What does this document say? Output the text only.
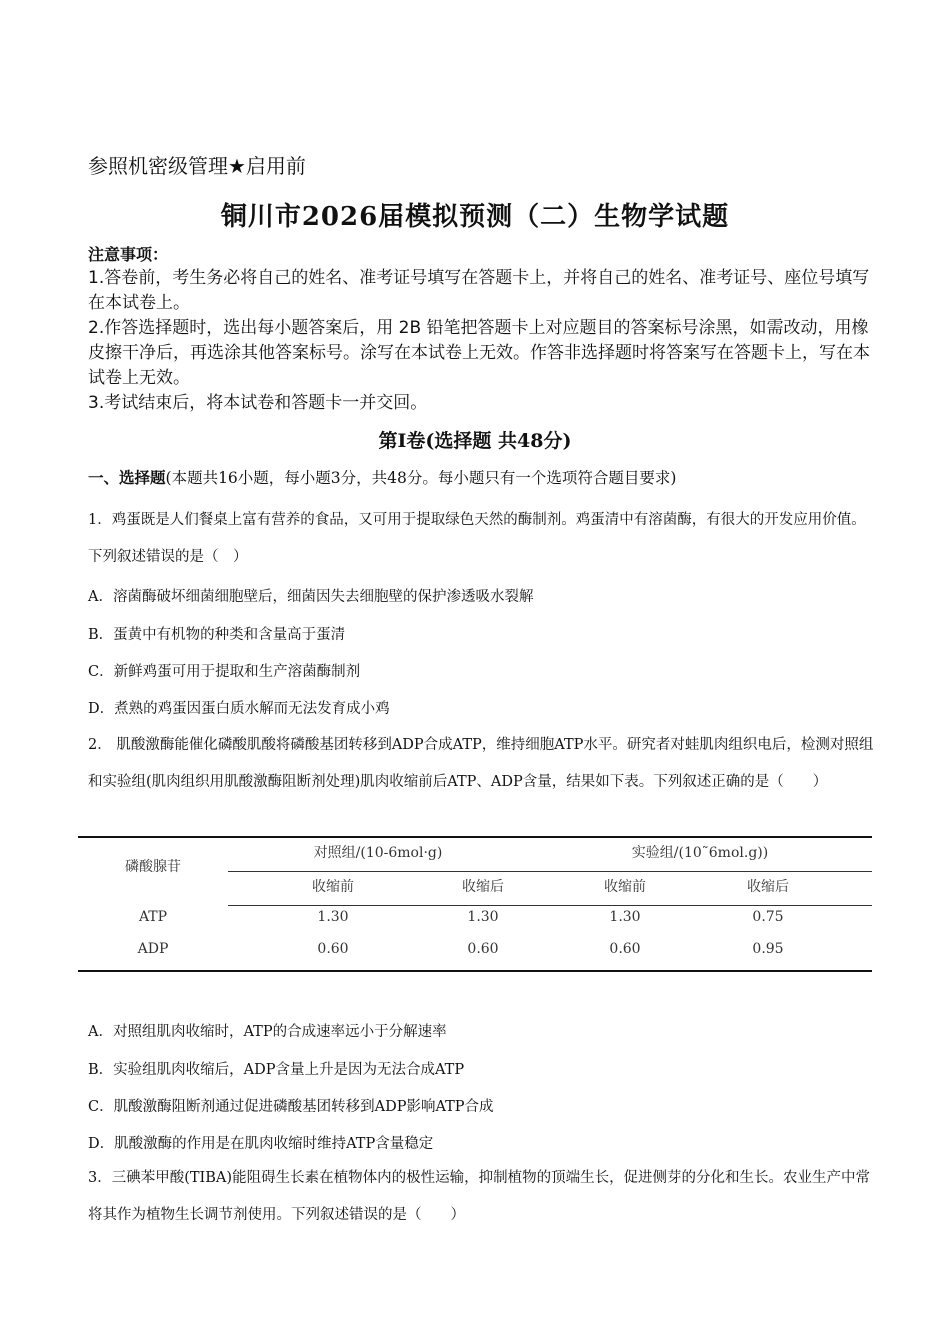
参照机密级管理★启用前
铜川市2026届模拟预测（二）生物学试题
注意事项：
1.答卷前，考生务必将自己的姓名、准考证号填写在答题卡上，并将自己的姓名、准考证号、座位号填写在本试卷上。
2.作答选择题时，选出每小题答案后，用 2B 铅笔把答题卡上对应题目的答案标号涂黑，如需改动，用橡皮擦干净后，再选涂其他答案标号。涂写在本试卷上无效。作答非选择题时将答案写在答题卡上，写在本试卷上无效。
3.考试结束后，将本试卷和答题卡一并交回。
第Ⅰ卷(选择题 共48分)
一、选择题(本题共16小题，每小题3分，共48分。每小题只有一个选项符合题目要求)
1．鸡蛋既是人们餐桌上富有营养的食品，又可用于提取绿色天然的酶制剂。鸡蛋清中有溶菌酶，有很大的开发应用价值。下列叙述错误的是（　）
A．溶菌酶破坏细菌细胞壁后，细菌因失去细胞壁的保护渗透吸水裂解
B．蛋黄中有机物的种类和含量高于蛋清
C．新鲜鸡蛋可用于提取和生产溶菌酶制剂
D．煮熟的鸡蛋因蛋白质水解而无法发育成小鸡
2． 肌酸激酶能催化磷酸肌酸将磷酸基团转移到ADP合成ATP，维持细胞ATP水平。研究者对蛙肌肉组织电后，检测对照组和实验组(肌肉组织用肌酸激酶阻断剂处理)肌肉收缩前后ATP、ADP含量，结果如下表。下列叙述正确的是（　　）
磷酸腺苷
对照组/(10-6mol·g)	实验组/(10˜6mol.g))
收缩前	收缩后	收缩前	收缩后
ATP	1.30	1.30	1.30	0.75
ADP	0.60	0.60	0.60	0.95
A．对照组肌肉收缩时，ATP的合成速率远小于分解速率
B．实验组肌肉收缩后，ADP含量上升是因为无法合成ATP
C．肌酸激酶阻断剂通过促进磷酸基团转移到ADP影响ATP合成
D．肌酸激酶的作用是在肌肉收缩时维持ATP含量稳定
3．三碘苯甲酸(TIBA)能阻碍生长素在植物体内的极性运输，抑制植物的顶端生长，促进侧芽的分化和生长。农业生产中常将其作为植物生长调节剂使用。下列叙述错误的是（　　）
